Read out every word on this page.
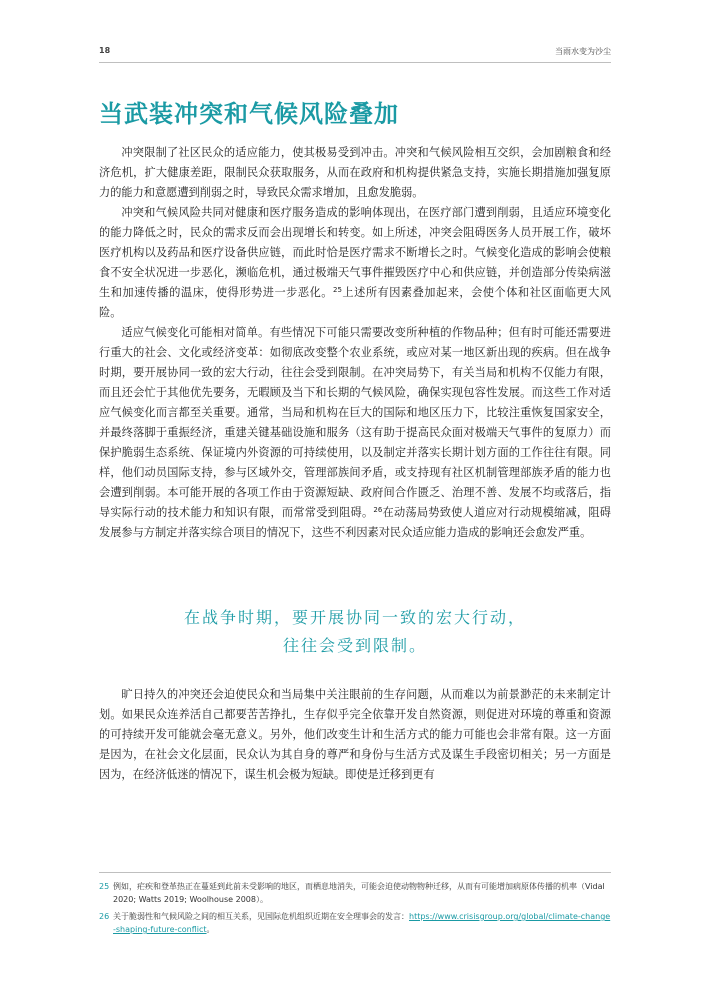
18	当雨水变为沙尘
当武装冲突和气候风险叠加

冲突限制了社区民众的适应能力，使其极易受到冲击。冲突和气候风险相互交织，会加剧粮食和经济危机，扩大健康差距，限制民众获取服务，从而在政府和机构提供紧急支持，实施长期措施加强复原力的能力和意愿遭到削弱之时，导致民众需求增加，且愈发脆弱。

冲突和气候风险共同对健康和医疗服务造成的影响体现出，在医疗部门遭到削弱，且适应环境变化的能力降低之时，民众的需求反而会出现增长和转变。如上所述，冲突会阻碍医务人员开展工作，破坏医疗机构以及药品和医疗设备供应链，而此时恰是医疗需求不断增长之时。气候变化造成的影响会使粮食不安全状况进一步恶化，濒临危机，通过极端天气事件摧毁医疗中心和供应链，并创造部分传染病滋生和加速传播的温床，使得形势进一步恶化。$^{25}$上述所有因素叠加起来，会使个体和社区面临更大风险。

适应气候变化可能相对简单。有些情况下可能只需要改变所种植的作物品种；但有时可能还需要进行重大的社会、文化或经济变革：如彻底改变整个农业系统，或应对某一地区新出现的疾病。但在战争时期，要开展协同一致的宏大行动，往往会受到限制。在冲突局势下，有关当局和机构不仅能力有限，而且还会忙于其他优先要务，无暇顾及当下和长期的气候风险，确保实现包容性发展。而这些工作对适应气候变化而言都至关重要。通常，当局和机构在巨大的国际和地区压力下，比较注重恢复国家安全，并最终落脚于重振经济，重建关键基础设施和服务（这有助于提高民众面对极端天气事件的复原力）而保护脆弱生态系统、保证境内外资源的可持续使用，以及制定并落实长期计划方面的工作往往有限。同样，他们动员国际支持，参与区域外交，管理部族间矛盾，或支持现有社区机制管理部族矛盾的能力也会遭到削弱。本可能开展的各项工作由于资源短缺、政府间合作匮乏、治理不善、发展不均或落后，指导实际行动的技术能力和知识有限，而常常受到阻碍。$^{26}$在动荡局势致使人道应对行动规模缩减，阻碍发展参与方制定并落实综合项目的情况下，这些不利因素对民众适应能力造成的影响还会愈发严重。

在战争时期，要开展协同一致的宏大行动，
往往会受到限制。

旷日持久的冲突还会迫使民众和当局集中关注眼前的生存问题，从而难以为前景渺茫的未来制定计划。如果民众连养活自己都要苦苦挣扎，生存似乎完全依靠开发自然资源，则促进对环境的尊重和资源的可持续开发可能就会毫无意义。另外，他们改变生计和生活方式的能力可能也会非常有限。这一方面是因为，在社会文化层面，民众认为其自身的尊严和身份与生活方式及谋生手段密切相关；另一方面是因为，在经济低迷的情况下，谋生机会极为短缺。即使是迁移到更有

25 例如，疟疾和登革热正在蔓延到此前未受影响的地区，而栖息地消失，可能会迫使动物物种迁移，从而有可能增加病原体传播的机率（Vidal 2020; Watts 2019; Woolhouse 2008）。
26 关于脆弱性和气候风险之间的相互关系，见国际危机组织近期在安全理事会的发言：https://www.crisisgroup.org/global/climate-change-shaping-future-conflict。
